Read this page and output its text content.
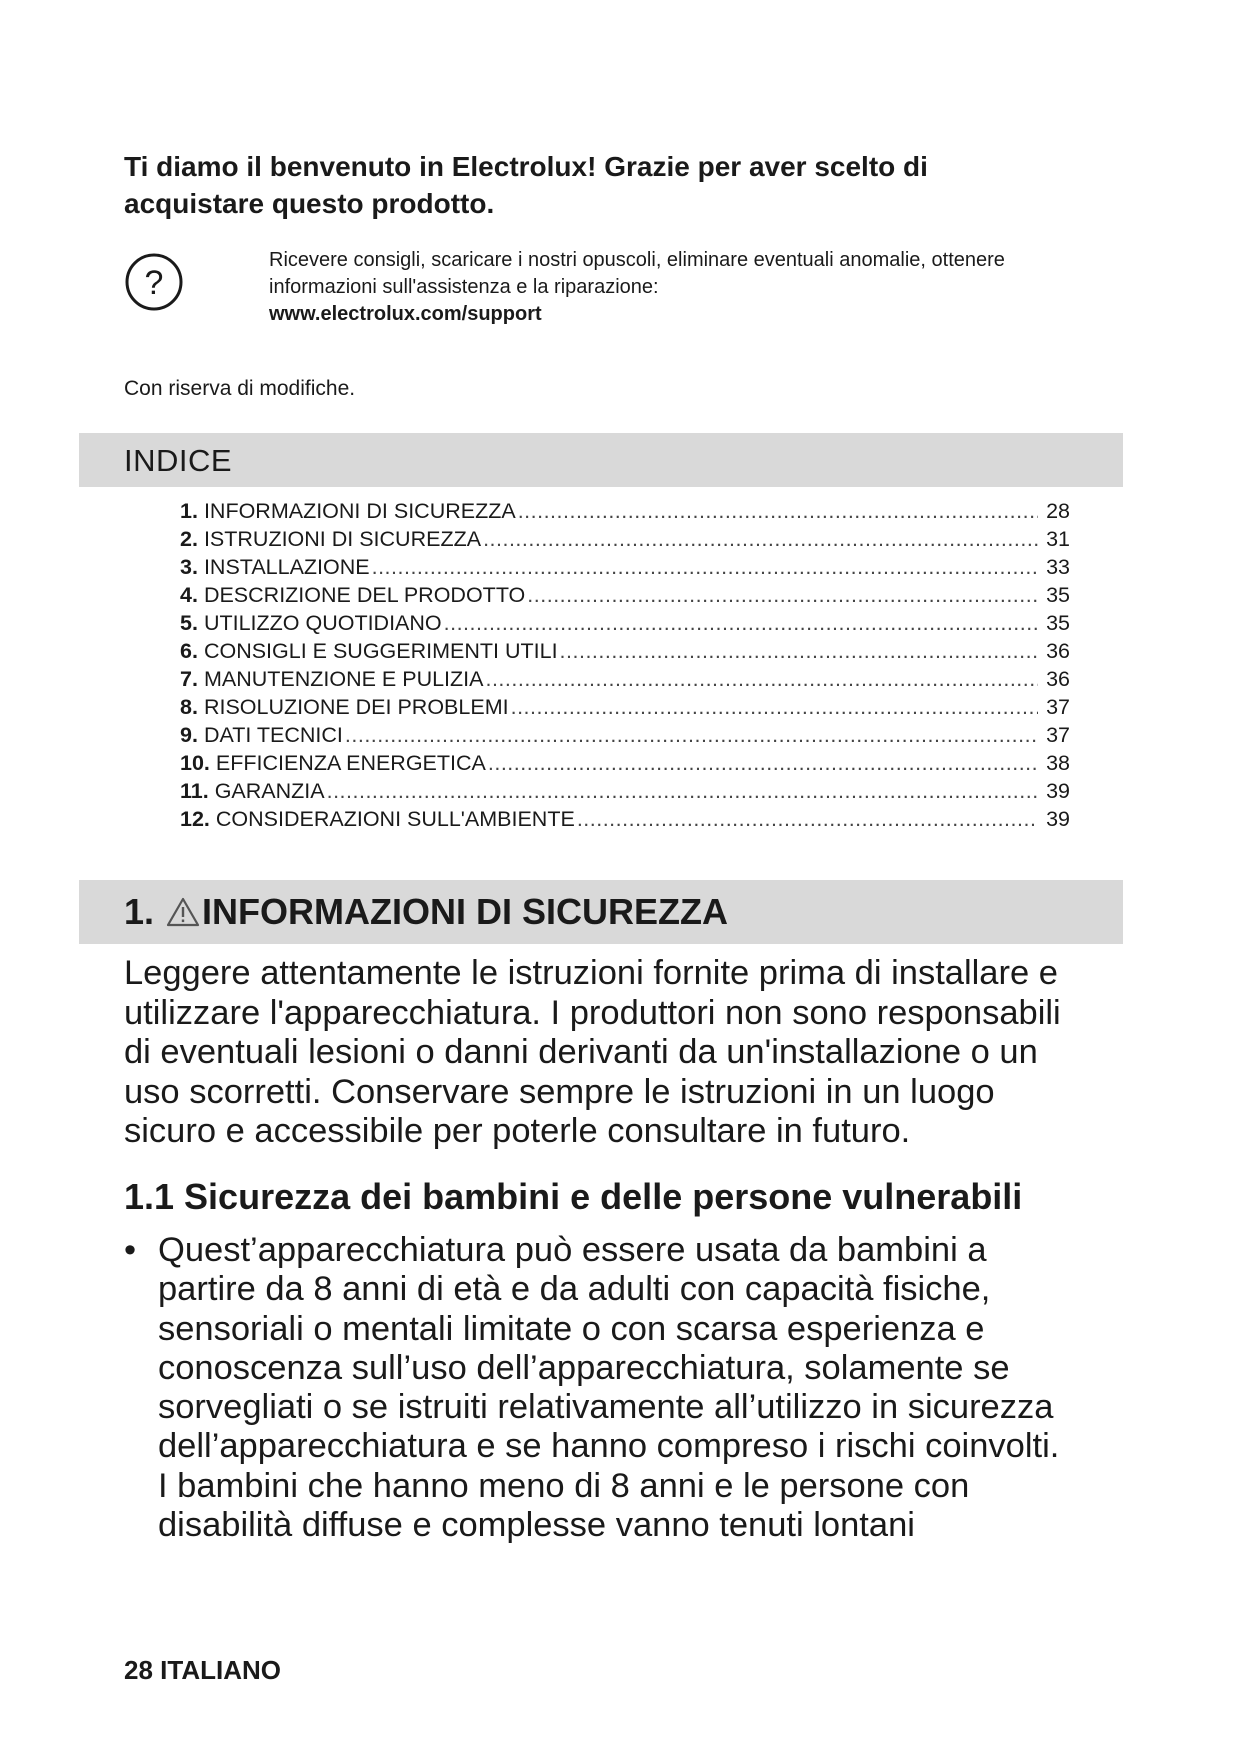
Ti diamo il benvenuto in Electrolux! Grazie per aver scelto di
acquistare questo prodotto.
?
Ricevere consigli, scaricare i nostri opuscoli, eliminare eventuali anomalie, ottenere
informazioni sull'assistenza e la riparazione:
www.electrolux.com/support
Con riserva di modifiche.
INDICE
1. INFORMAZIONI DI SICUREZZA .....	28
2. ISTRUZIONI DI SICUREZZA .....	31
3. INSTALLAZIONE .....	33
4. DESCRIZIONE DEL PRODOTTO .....	35
5. UTILIZZO QUOTIDIANO .....	35
6. CONSIGLI E SUGGERIMENTI UTILI .....	36
7. MANUTENZIONE E PULIZIA .....	36
8. RISOLUZIONE DEI PROBLEMI .....	37
9. DATI TECNICI .....	37
10. EFFICIENZA ENERGETICA .....	38
11. GARANZIA .....	39
12. CONSIDERAZIONI SULL'AMBIENTE .....	39
1. INFORMAZIONI DI SICUREZZA

Leggere attentamente le istruzioni fornite prima di installare e
utilizzare l'apparecchiatura. I produttori non sono responsabili
di eventuali lesioni o danni derivanti da un'installazione o un
uso scorretti. Conservare sempre le istruzioni in un luogo
sicuro e accessibile per poterle consultare in futuro.

1.1 Sicurezza dei bambini e delle persone vulnerabili
• Quest’apparecchiatura può essere usata da bambini a
partire da 8 anni di età e da adulti con capacità fisiche,
sensoriali o mentali limitate o con scarsa esperienza e
conoscenza sull’uso dell’apparecchiatura, solamente se
sorvegliati o se istruiti relativamente all’utilizzo in sicurezza
dell’apparecchiatura e se hanno compreso i rischi coinvolti.
I bambini che hanno meno di 8 anni e le persone con
disabilità diffuse e complesse vanno tenuti lontani
28 ITALIANO
